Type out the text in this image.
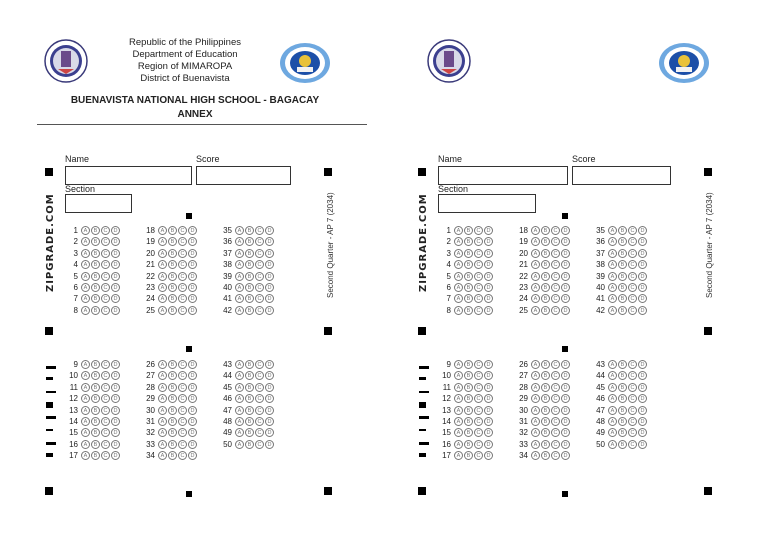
Republic of the Philippines
Department of Education
Region of MIMAROPA
District of Buenavista
BUENAVISTA NATIONAL HIGH SCHOOL - BAGACAY
ANNEX
Name	Score
Section
ZIPGRADE.COM	Second Quarter - AP 7 (2034)
1	A	B	C	D
2	A	B	C	D
3	A	B	C	D
4	A	B	C	D
5	A	B	C	D
6	A	B	C	D
7	A	B	C	D
8	A	B	C	D
18	A	B	C	D
19	A	B	C	D
20	A	B	C	D
21	A	B	C	D
22	A	B	C	D
23	A	B	C	D
24	A	B	C	D
25	A	B	C	D
35	A	B	C	D
36	A	B	C	D
37	A	B	C	D
38	A	B	C	D
39	A	B	C	D
40	A	B	C	D
41	A	B	C	D
42	A	B	C	D
9	A	B	C	D
10	A	B	C	D
11	A	B	C	D
12	A	B	C	D
13	A	B	C	D
14	A	B	C	D
15	A	B	C	D
16	A	B	C	D
17	A	B	C	D
26	A	B	C	D
27	A	B	C	D
28	A	B	C	D
29	A	B	C	D
30	A	B	C	D
31	A	B	C	D
32	A	B	C	D
33	A	B	C	D
34	A	B	C	D
43	A	B	C	D
44	A	B	C	D
45	A	B	C	D
46	A	B	C	D
47	A	B	C	D
48	A	B	C	D
49	A	B	C	D
50	A	B	C	D
Name	Score
Section
ZIPGRADE.COM	Second Quarter - AP 7 (2034)
1	A	B	C	D
2	A	B	C	D
3	A	B	C	D
4	A	B	C	D
5	A	B	C	D
6	A	B	C	D
7	A	B	C	D
8	A	B	C	D
18	A	B	C	D
19	A	B	C	D
20	A	B	C	D
21	A	B	C	D
22	A	B	C	D
23	A	B	C	D
24	A	B	C	D
25	A	B	C	D
35	A	B	C	D
36	A	B	C	D
37	A	B	C	D
38	A	B	C	D
39	A	B	C	D
40	A	B	C	D
41	A	B	C	D
42	A	B	C	D
9	A	B	C	D
10	A	B	C	D
11	A	B	C	D
12	A	B	C	D
13	A	B	C	D
14	A	B	C	D
15	A	B	C	D
16	A	B	C	D
17	A	B	C	D
26	A	B	C	D
27	A	B	C	D
28	A	B	C	D
29	A	B	C	D
30	A	B	C	D
31	A	B	C	D
32	A	B	C	D
33	A	B	C	D
34	A	B	C	D
43	A	B	C	D
44	A	B	C	D
45	A	B	C	D
46	A	B	C	D
47	A	B	C	D
48	A	B	C	D
49	A	B	C	D
50	A	B	C	D
